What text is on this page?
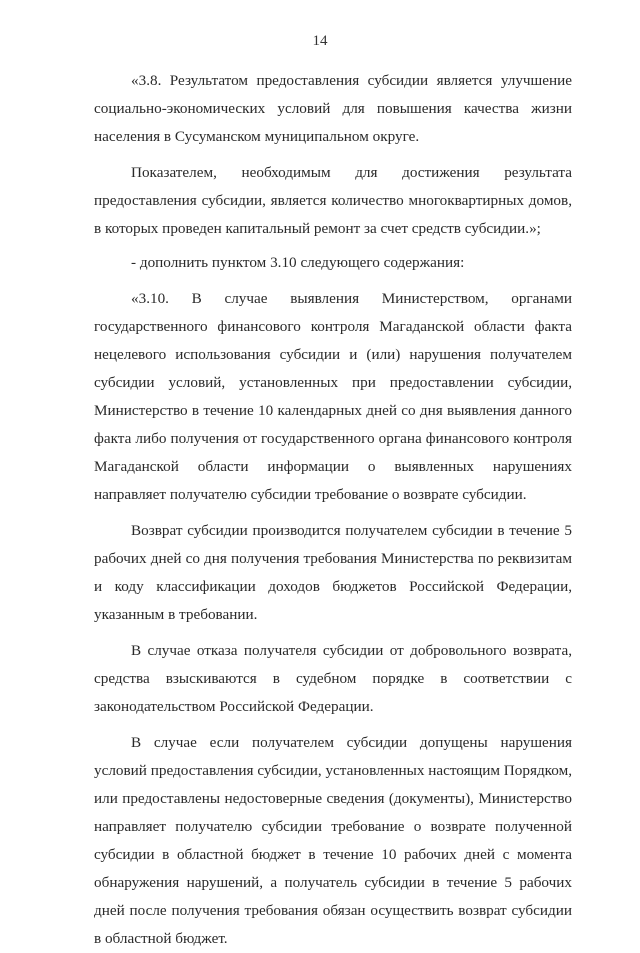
14

«3.8. Результатом предоставления субсидии является улучшение социально-экономических условий для повышения качества жизни населения в Сусуманском муниципальном округе.

Показателем, необходимым для достижения результата предоставления субсидии, является количество многоквартирных домов, в которых проведен капитальный ремонт за счет средств субсидии.»;

- дополнить пунктом 3.10 следующего содержания:

«3.10. В случае выявления Министерством, органами государственного финансового контроля Магаданской области факта нецелевого использования субсидии и (или) нарушения получателем субсидии условий, установленных при предоставлении субсидии, Министерство в течение 10 календарных дней со дня выявления данного факта либо получения от государственного органа финансового контроля Магаданской области информации о выявленных нарушениях направляет получателю субсидии требование о возврате субсидии.

Возврат субсидии производится получателем субсидии в течение 5 рабочих дней со дня получения требования Министерства по реквизитам и коду классификации доходов бюджетов Российской Федерации, указанным в требовании.

В случае отказа получателя субсидии от добровольного возврата, средства взыскиваются в судебном порядке в соответствии с законодательством Российской Федерации.

В случае если получателем субсидии допущены нарушения условий предоставления субсидии, установленных настоящим Порядком, или предоставлены недостоверные сведения (документы), Министерство направляет получателю субсидии требование о возврате полученной субсидии в областной бюджет в течение 10 рабочих дней с момента обнаружения нарушений, а получатель субсидии в течение 5 рабочих дней после получения требования обязан осуществить возврат субсидии в областной бюджет.
